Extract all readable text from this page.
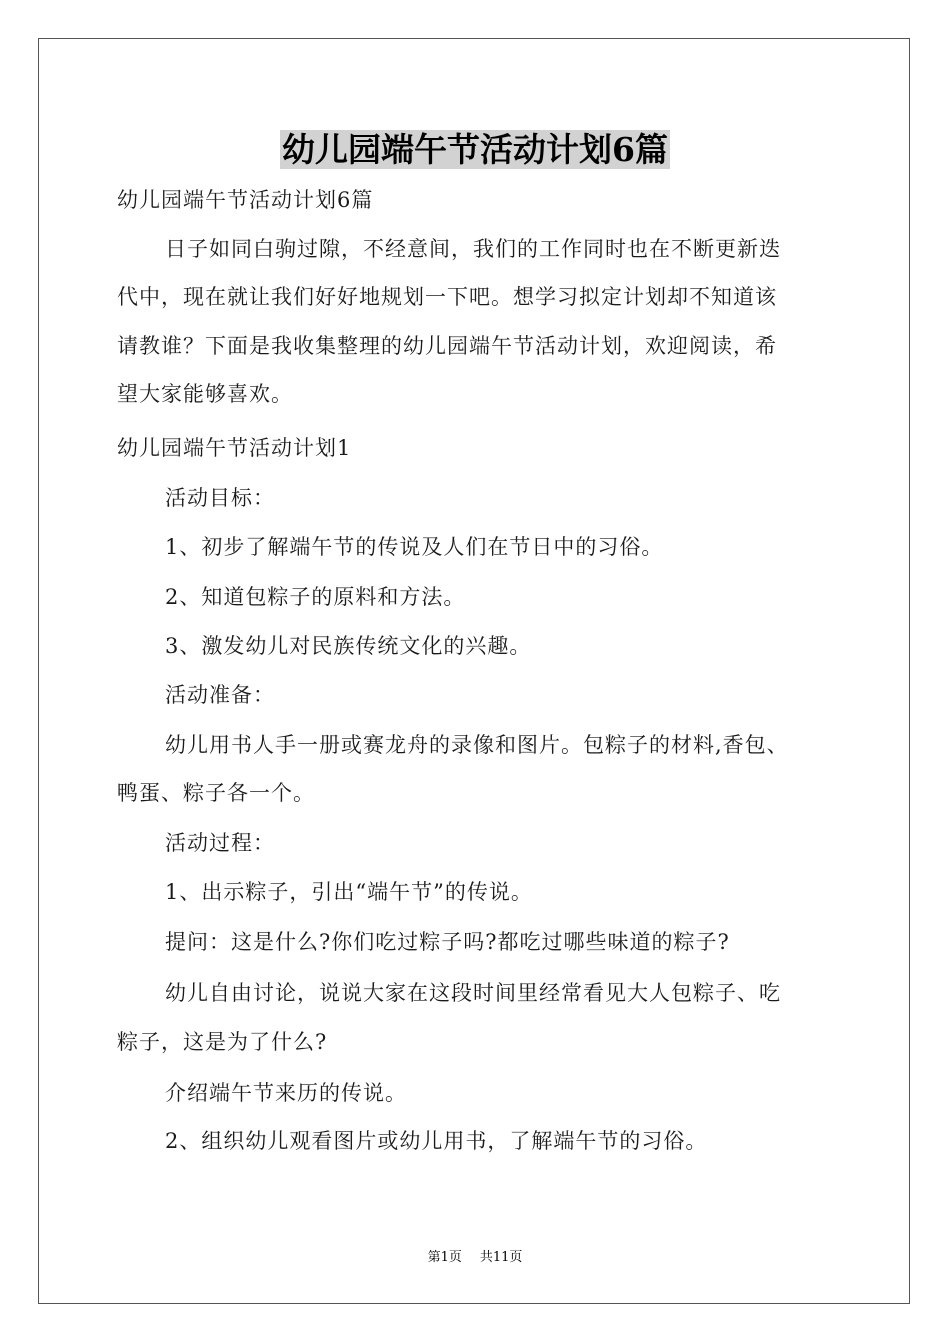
幼儿园端午节活动计划6篇

幼儿园端午节活动计划6篇

日子如同白驹过隙，不经意间，我们的工作同时也在不断更新迭

代中，现在就让我们好好地规划一下吧。想学习拟定计划却不知道该

请教谁？下面是我收集整理的幼儿园端午节活动计划，欢迎阅读，希

望大家能够喜欢。

幼儿园端午节活动计划1

活动目标：

1、初步了解端午节的传说及人们在节日中的习俗。

2、知道包粽子的原料和方法。

3、激发幼儿对民族传统文化的兴趣。

活动准备：

幼儿用书人手一册或赛龙舟的录像和图片。包粽子的材料,香包、

鸭蛋、粽子各一个。

活动过程：

1、出示粽子，引出“端午节”的传说。

提问：这是什么?你们吃过粽子吗?都吃过哪些味道的粽子?

幼儿自由讨论，说说大家在这段时间里经常看见大人包粽子、吃

粽子，这是为了什么?

介绍端午节来历的传说。

2、组织幼儿观看图片或幼儿用书，了解端午节的习俗。

第1页 共11页
